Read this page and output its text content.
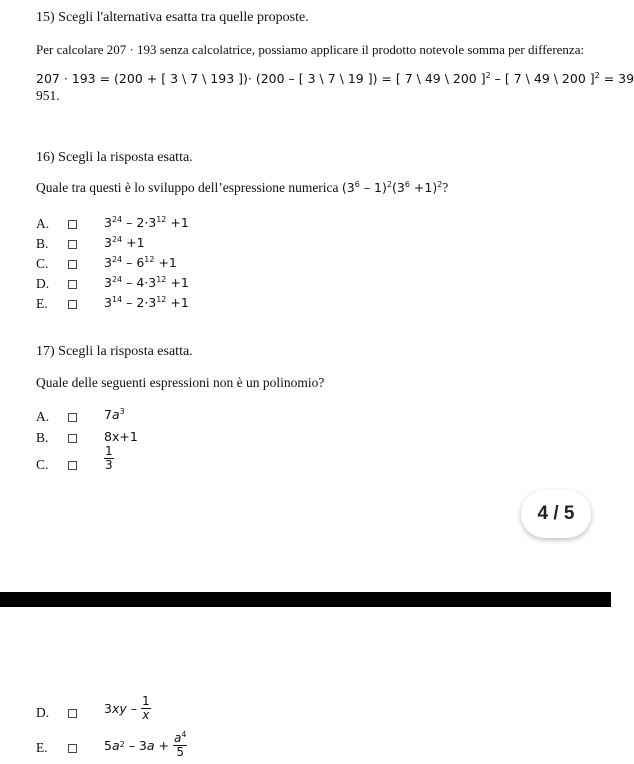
15) Scegli l'alternativa esatta tra quelle proposte.
Per calcolare 207 · 193 senza calcolatrice, possiamo applicare il prodotto notevole somma per differenza:
207 · 193 = (200 + [ 3 \ 7 \ 193 ])· (200 – [ 3 \ 7 \ 19 ]) = [ 7 \ 49 \ 200 ]$^2$ – [ 7 \ 49 \ 200 ]$^2$ = 39
951.
16) Scegli la risposta esatta.
Quale tra questi è lo sviluppo dell’espressione numerica $(3^6 - 1)^2(3^6 +1)^2$?
A.	$3^{24} - 2\cdot 3^{12} +1$
B.	$3^{24} +1$
C.	$3^{24} - 6^{12} +1$
D.	$3^{24} - 4\cdot 3^{12} +1$
E.	$3^{14} - 2\cdot 3^{12} +1$
17) Scegli la risposta esatta.
Quale delle seguenti espressioni non è un polinomio?
A.	$7a^3$
B.	8x+1
C.	$\frac{1}{3}$
4 / 5
D.	3 xy – $\frac{1}{x}$
E.	5 a 2 – 3 $a + \frac{a^4}{5}$
